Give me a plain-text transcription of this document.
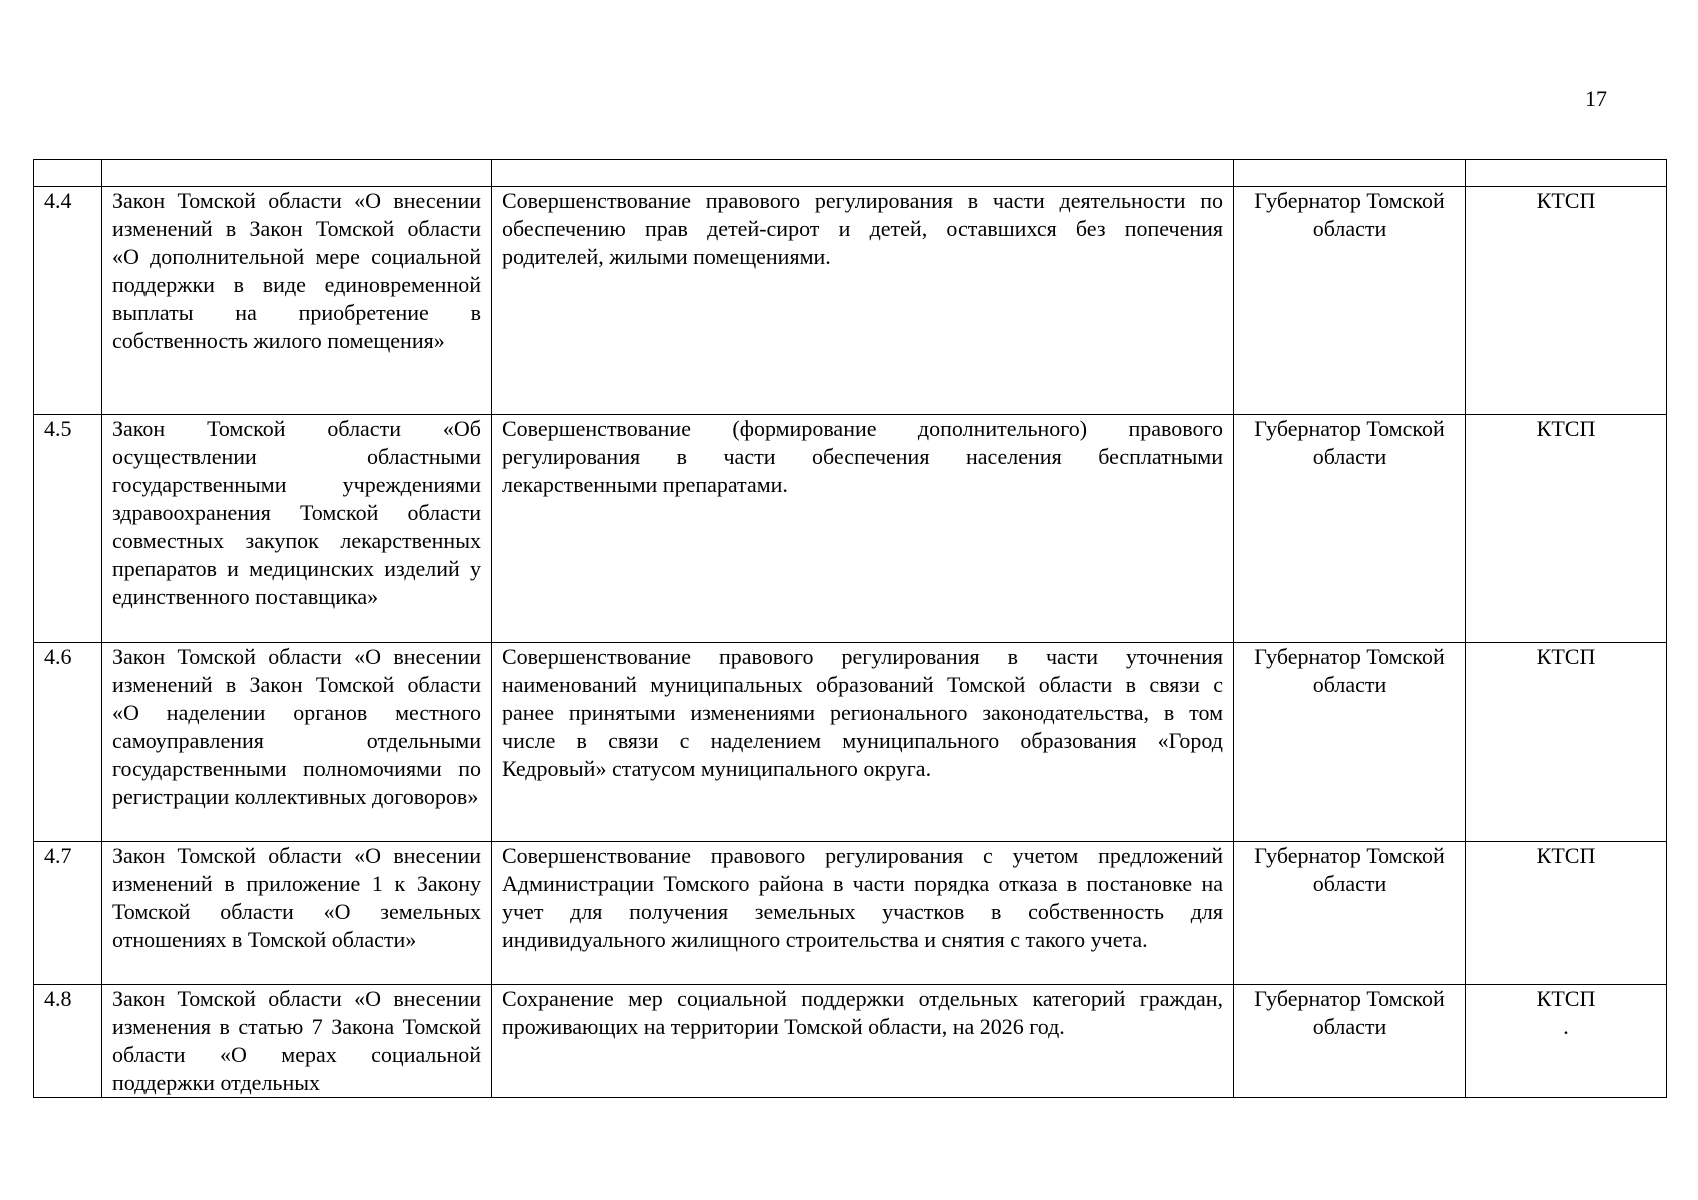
17

4.4	Закон Томской области «О внесении изменений в Закон Томской области «О дополнительной мере социальной поддержки в виде единовременной выплаты на приобретение в собственность жилого помещения»	Совершенствование правового регулирования в части деятельности по обеспечению прав детей-сирот и детей, оставшихся без попечения родителей, жилыми помещениями.	Губернатор Томской области	КТСП
4.5	Закон Томской области «Об осуществлении областными государственными учреждениями здравоохранения Томской области совместных закупок лекарственных препаратов и медицинских изделий у единственного поставщика»	Совершенствование (формирование дополнительного) правового регулирования в части обеспечения населения бесплатными лекарственными препаратами.	Губернатор Томской области	КТСП
4.6	Закон Томской области «О внесении изменений в Закон Томской области «О наделении органов местного самоуправления отдельными государственными полномочиями по регистрации коллективных договоров»	Совершенствование правового регулирования в части уточнения наименований муниципальных образований Томской области в связи с ранее принятыми изменениями регионального законодательства, в том числе в связи с наделением муниципального образования «Город Кедровый» статусом муниципального округа.	Губернатор Томской области	КТСП
4.7	Закон Томской области «О внесении изменений в приложение 1 к Закону Томской области «О земельных отношениях в Томской области»	Совершенствование правового регулирования с учетом предложений Администрации Томского района в части порядка отказа в постановке на учет для получения земельных участков в собственность для индивидуального жилищного строительства и снятия с такого учета.	Губернатор Томской области	КТСП
4.8	Закон Томской области «О внесении изменения в статью 7 Закона Томской области «О мерах социальной поддержки отдельных	Сохранение мер социальной поддержки отдельных категорий граждан, проживающих на территории Томской области, на 2026 год.	Губернатор Томской области	КТСП
.
